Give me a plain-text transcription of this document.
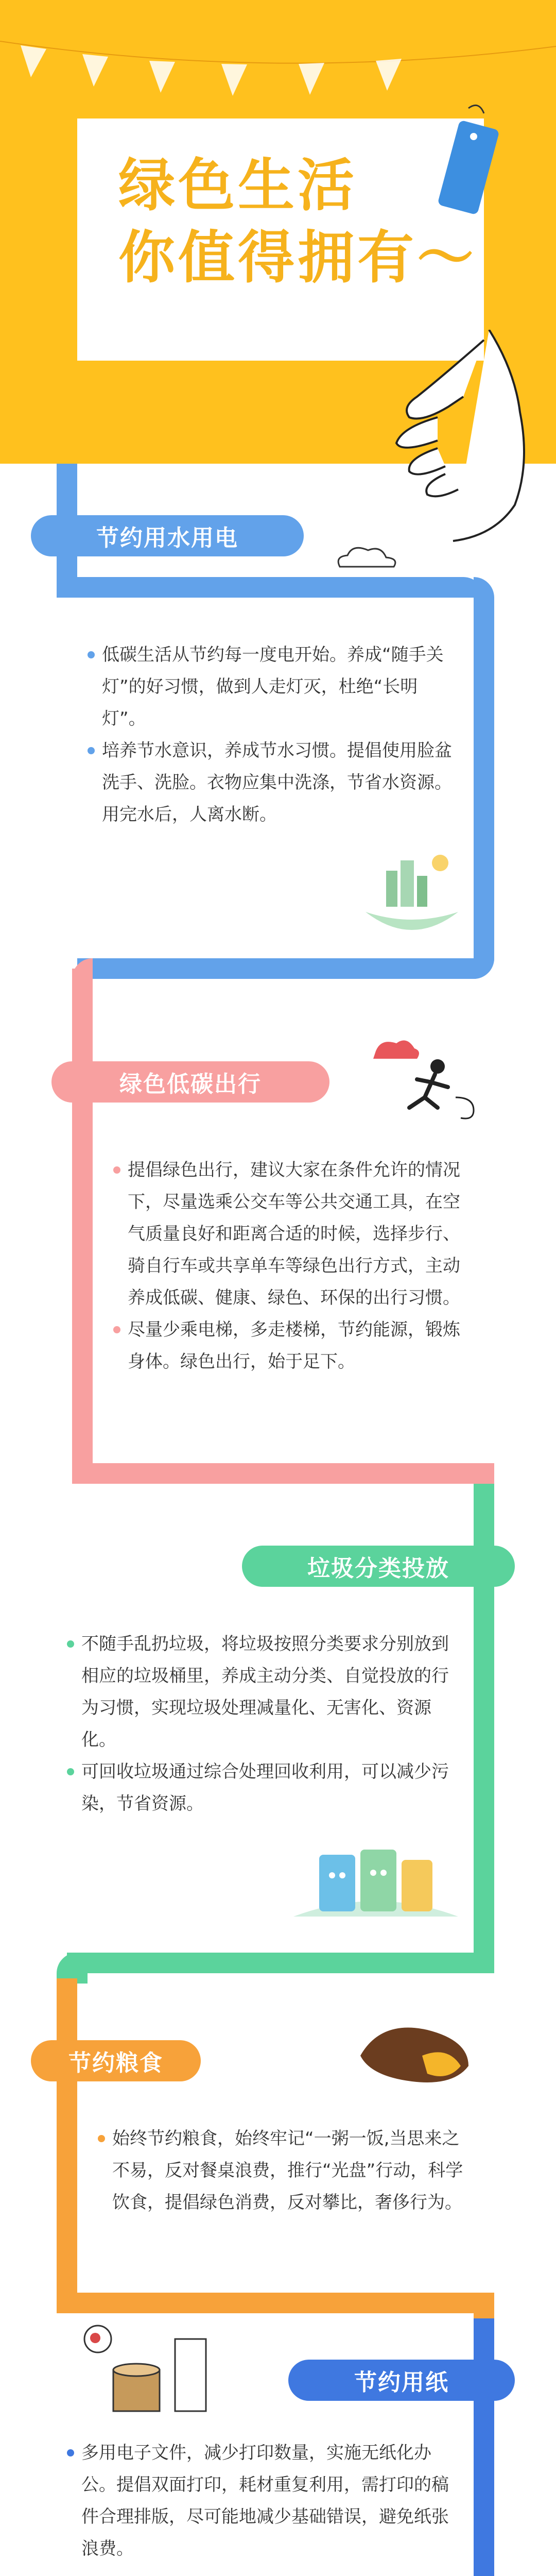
绿色生活
你值得拥有～
节约用水用电

低碳生活从节约每一度电开始。养成“随手关灯”的好习惯，做到人走灯灭，杜绝“长明灯”。

培养节水意识，养成节水习惯。提倡使用脸盆洗手、洗脸。衣物应集中洗涤，节省水资源。用完水后，人离水断。

绿色低碳出行

提倡绿色出行，建议大家在条件允许的情况下，尽量选乘公交车等公共交通工具，在空气质量良好和距离合适的时候，选择步行、骑自行车或共享单车等绿色出行方式，主动养成低碳、健康、绿色、环保的出行习惯。

尽量少乘电梯，多走楼梯，节约能源，锻炼身体。绿色出行，始于足下。

垃圾分类投放

不随手乱扔垃圾，将垃圾按照分类要求分别放到相应的垃圾桶里，养成主动分类、自觉投放的行为习惯，实现垃圾处理减量化、无害化、资源化。

可回收垃圾通过综合处理回收利用，可以减少污染，节省资源。

节约粮食

始终节约粮食，始终牢记“一粥一饭,当思来之不易，反对餐桌浪费，推行“光盘”行动，科学饮食，提倡绿色消费，反对攀比，奢侈行为。

节约用纸

多用电子文件，减少打印数量，实施无纸化办公。提倡双面打印，耗材重复利用，需打印的稿件合理排版，尽可能地减少基础错误，避免纸张浪费。
